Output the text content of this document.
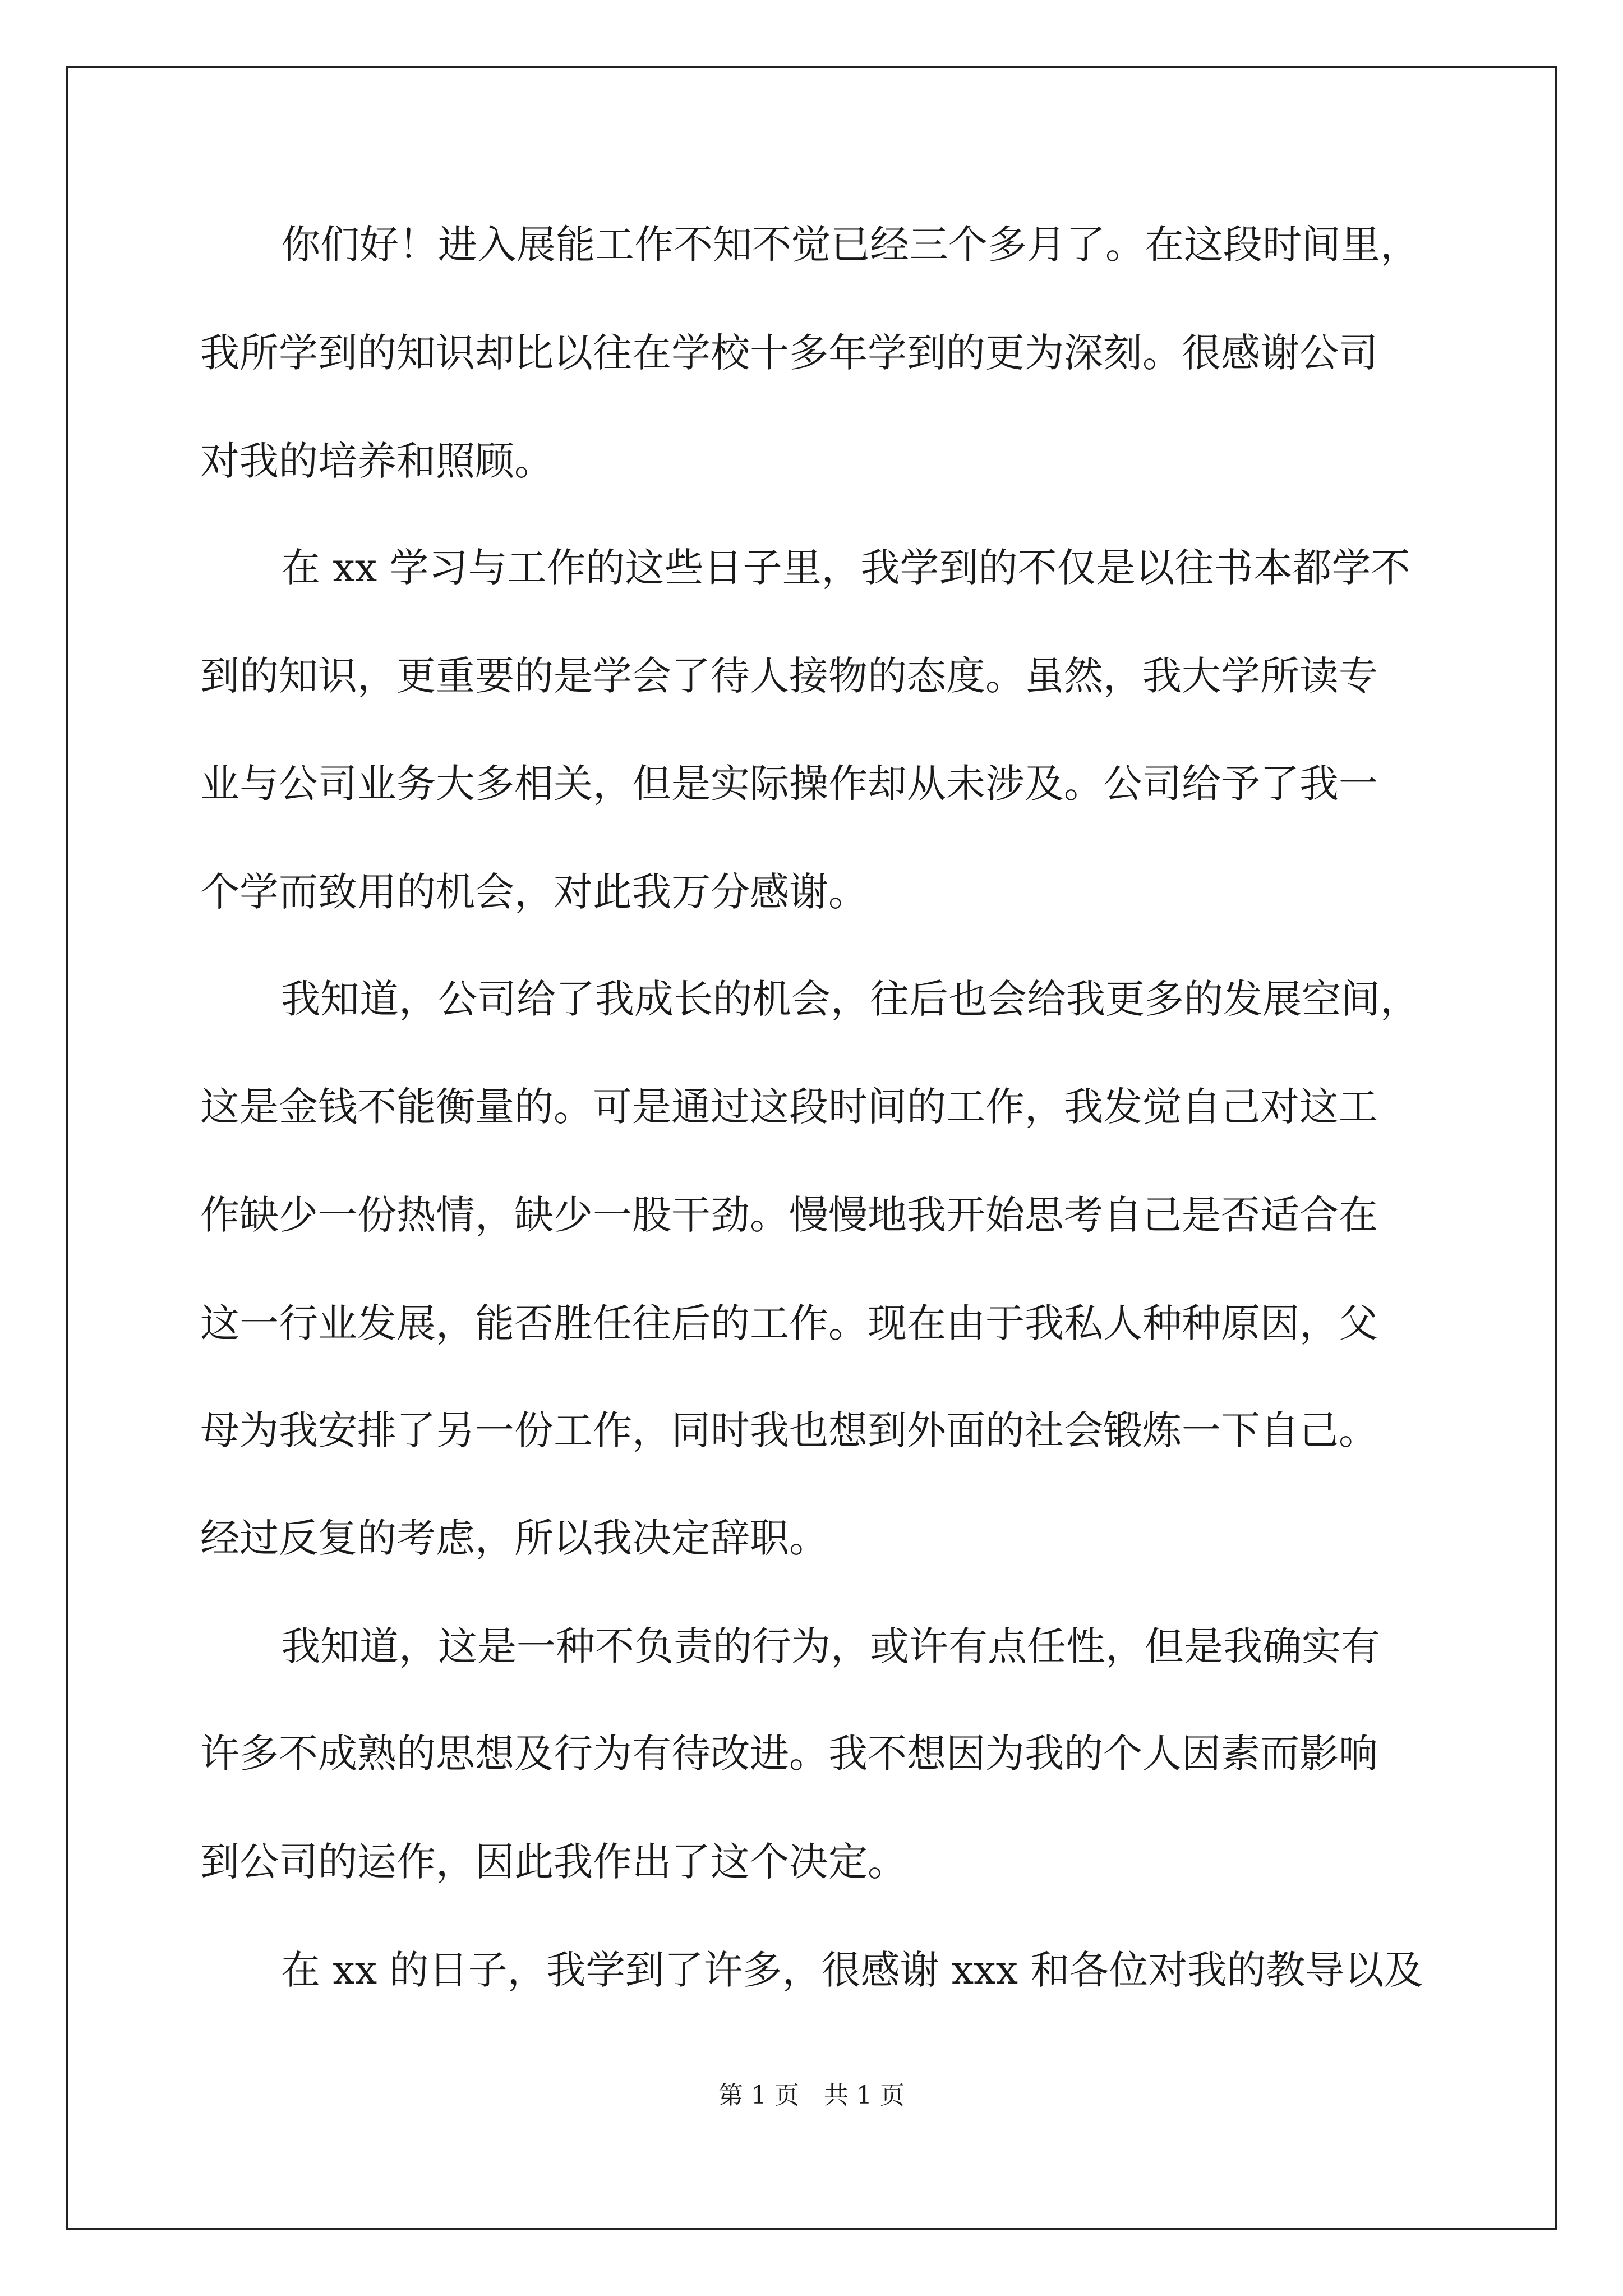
你们好！进入展能工作不知不觉已经三个多月了。在这段时间里，
我所学到的知识却比以往在学校十多年学到的更为深刻。很感谢公司
对我的培养和照顾。
在 xx 学习与工作的这些日子里，我学到的不仅是以往书本都学不
到的知识，更重要的是学会了待人接物的态度。虽然，我大学所读专
业与公司业务大多相关，但是实际操作却从未涉及。公司给予了我一
个学而致用的机会，对此我万分感谢。
我知道，公司给了我成长的机会，往后也会给我更多的发展空间，
这是金钱不能衡量的。可是通过这段时间的工作，我发觉自己对这工
作缺少一份热情，缺少一股干劲。慢慢地我开始思考自己是否适合在
这一行业发展，能否胜任往后的工作。现在由于我私人种种原因，父
母为我安排了另一份工作，同时我也想到外面的社会锻炼一下自己。
经过反复的考虑，所以我决定辞职。
我知道，这是一种不负责的行为，或许有点任性，但是我确实有
许多不成熟的思想及行为有待改进。我不想因为我的个人因素而影响
到公司的运作，因此我作出了这个决定。
在 xx 的日子，我学到了许多，很感谢 xxx 和各位对我的教导以及
第 1 页　共 1 页
